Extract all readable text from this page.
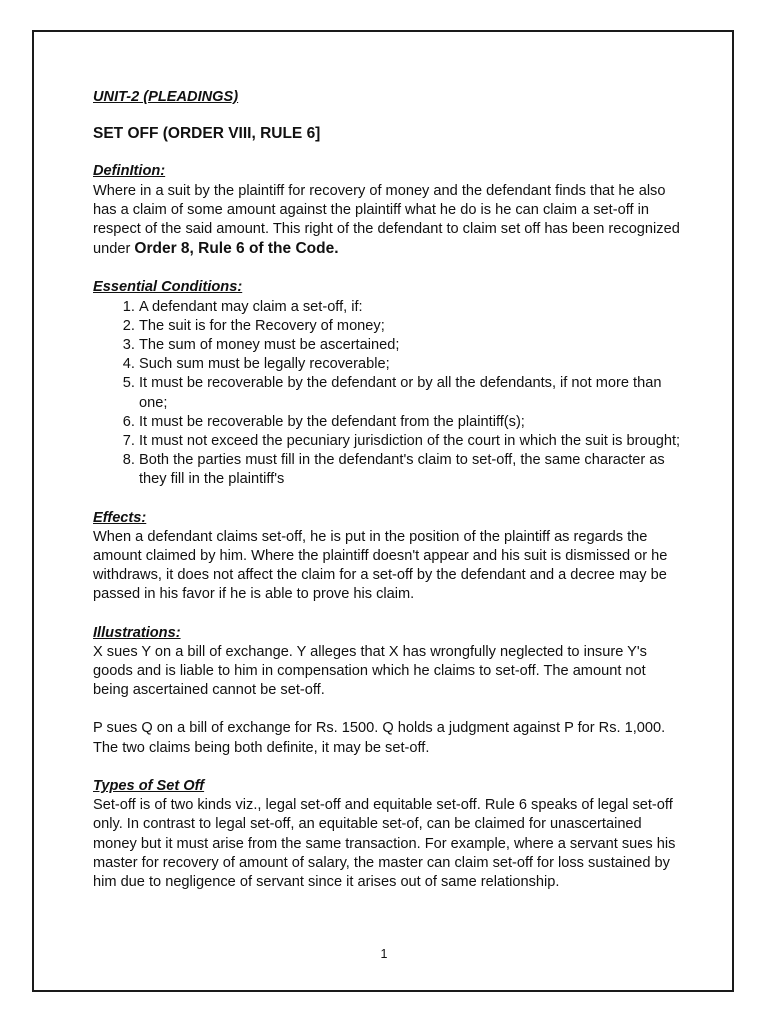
UNIT-2 (PLEADINGS)

SET OFF (ORDER VIII, RULE 6]

DefinItion:

Where in a suit by the plaintiff for recovery of money and the defendant finds that he also has a claim of some amount against the plaintiff what he do is he can claim a set-off in respect of the said amount. This right of the defendant to claim set off has been recognized under Order 8, Rule 6 of the Code.

Essential Conditions:

1. A defendant may claim a set-off, if:
2. The suit is for the Recovery of money;
3. The sum of money must be ascertained;
4. Such sum must be legally recoverable;
5. It must be recoverable by the defendant or by all the defendants, if not more than one;
6. It must be recoverable by the defendant from the plaintiff(s);
7. It must not exceed the pecuniary jurisdiction of the court in which the suit is brought;
8. Both the parties must fill in the defendant's claim to set-off, the same character as they fill in the plaintiff's

Effects:

When a defendant claims set-off, he is put in the position of the plaintiff as regards the amount claimed by him. Where the plaintiff doesn't appear and his suit is dismissed or he withdraws, it does not affect the claim for a set-off by the defendant and a decree may be passed in his favor if he is able to prove his claim.

Illustrations:

X sues Y on a bill of exchange. Y alleges that X has wrongfully neglected to insure Y's goods and is liable to him in compensation which he claims to set-off. The amount not being ascertained cannot be set-off.

P sues Q on a bill of exchange for Rs. 1500. Q holds a judgment against P for Rs. 1,000. The two claims being both definite, it may be set-off.

Types of Set Off

Set-off is of two kinds viz., legal set-off and equitable set-off. Rule 6 speaks of legal set-off only. In contrast to legal set-off, an equitable set-of, can be claimed for unascertained money but it must arise from the same transaction. For example, where a servant sues his master for recovery of amount of salary, the master can claim set-off for loss sustained by him due to negligence of servant since it arises out of same relationship.

1
